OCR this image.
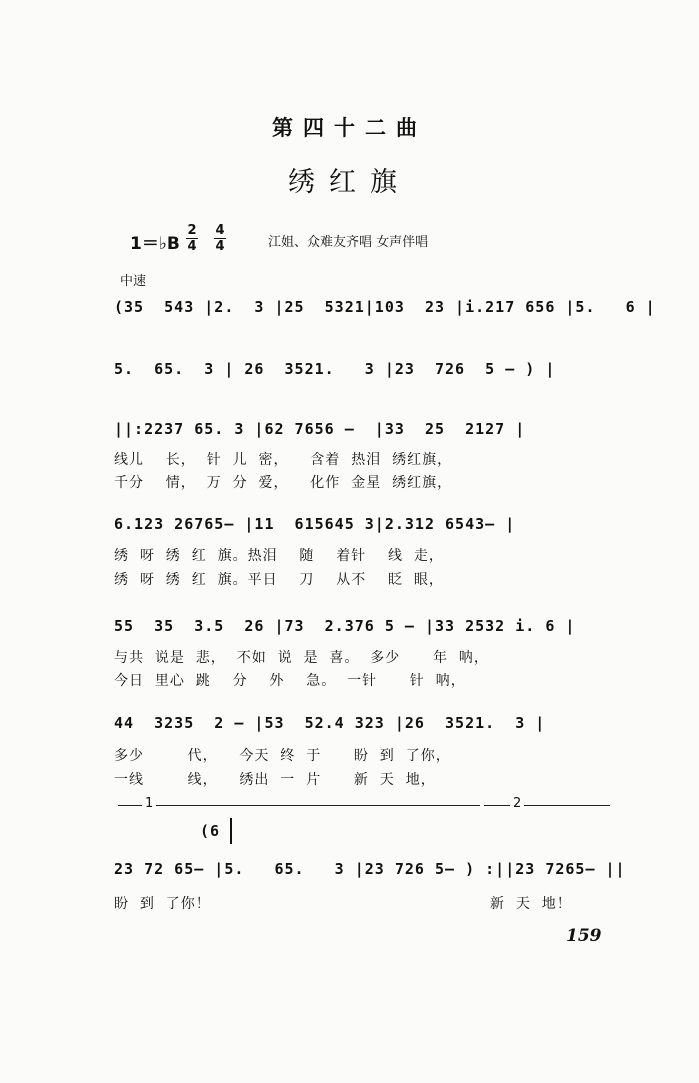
第四十二曲
绣红旗
1＝♭B
2
4
4
4	江姐、众难友齐唱 女声伴唱
中速
(35  543 |2.  3 |25  5321|103  23 |i.217 656 |5.   6 |
5.  65.  3 | 26  3521.   3 |23  726  5 — ) |
||:2237 65. 3 |62 7656 —  |33  25  2127 |
线儿    长，  针  儿  密，    含着  热泪  绣红旗，
千分    情，  万  分  爱，    化作  金星  绣红旗，
6.123 26765— |11  615645 3|2.312 6543— |
绣  呀  绣  红  旗。热泪    随    着针    线  走，
绣  呀  绣  红  旗。平日    刀    从不    眨  眼，
55  35  3.5  26 |73  2.376 5 — |33 2532 i. 6 |
与共  说是  悲，  不如  说  是  喜。  多少      年  呐，
今日  里心  跳    分    外    急。  一针      针  呐，
44  3235  2 — |53  52.4 323 |26  3521.  3 |
多少        代，    今天  终  于      盼  到  了你，
一线        线，    绣出  一  片      新  天  地，
1	2
(6
23 72 65— |5.   65.   3 |23 726 5— ) :||23 7265— ||
盼  到  了你！	新  天  地！
159
